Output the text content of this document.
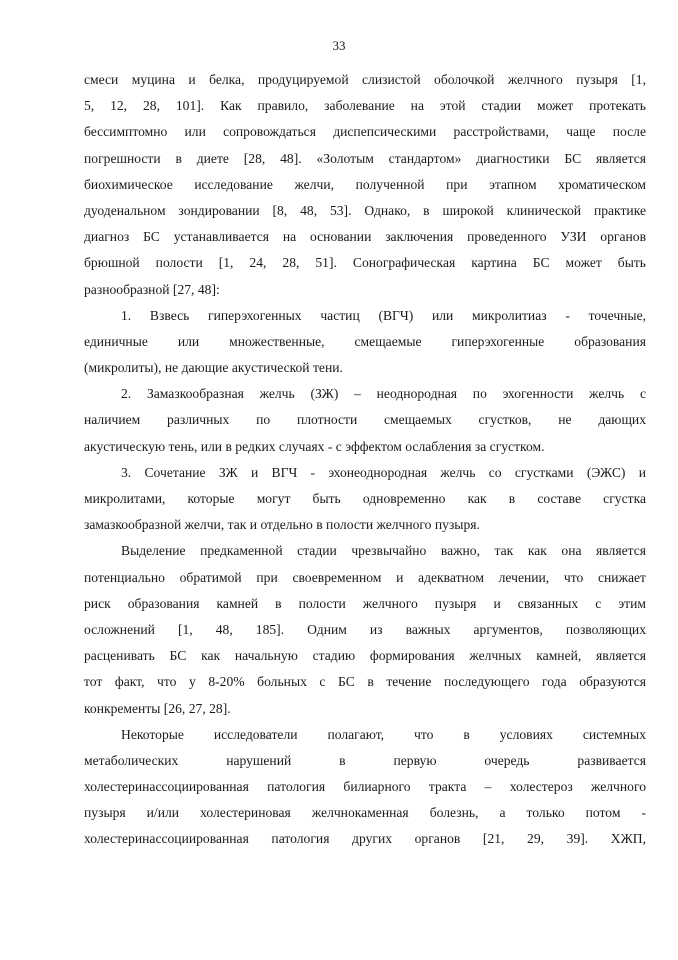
33
смеси муцина и белка, продуцируемой слизистой оболочкой желчного пузыря [1,
5, 12, 28, 101]. Как правило, заболевание на этой стадии может протекать
бессимптомно или сопровождаться диспепсическими расстройствами, чаще после
погрешности в диете [28, 48]. «Золотым стандартом» диагностики БС является
биохимическое исследование желчи, полученной при этапном хроматическом
дуоденальном зондировании [8, 48, 53]. Однако, в широкой клинической практике
диагноз БС устанавливается на основании заключения проведенного УЗИ органов
брюшной полости [1, 24, 28, 51]. Сонографическая картина БС может быть
разнообразной [27, 48]:
1. Взвесь гиперэхогенных частиц (ВГЧ) или микролитиаз - точечные,
единичные или множественные, смещаемые гиперэхогенные образования
(микролиты), не дающие акустической тени.
2. Замазкообразная желчь (ЗЖ) – неоднородная по эхогенности желчь с
наличием различных по плотности смещаемых сгустков, не дающих
акустическую тень, или в редких случаях - с эффектом ослабления за сгустком.
3. Сочетание ЗЖ и ВГЧ - эхонеоднородная желчь со сгустками (ЭЖС) и
микролитами, которые могут быть одновременно как в составе сгустка
замазкообразной желчи, так и отдельно в полости желчного пузыря.
Выделение предкаменной стадии чрезвычайно важно, так как она является
потенциально обратимой при своевременном и адекватном лечении, что снижает
риск образования камней в полости желчного пузыря и связанных с этим
осложнений [1, 48, 185]. Одним из важных аргументов, позволяющих
расценивать БС как начальную стадию формирования желчных камней, является
тот факт, что у 8-20% больных с БС в течение последующего года образуются
конкременты [26, 27, 28].
Некоторые исследователи полагают, что в условиях системных
метаболических нарушений в первую очередь развивается
холестеринассоциированная патология билиарного тракта – холестероз желчного
пузыря и/или холестериновая желчнокаменная болезнь, а только потом -
холестеринассоциированная патология других органов [21, 29, 39]. ХЖП,
